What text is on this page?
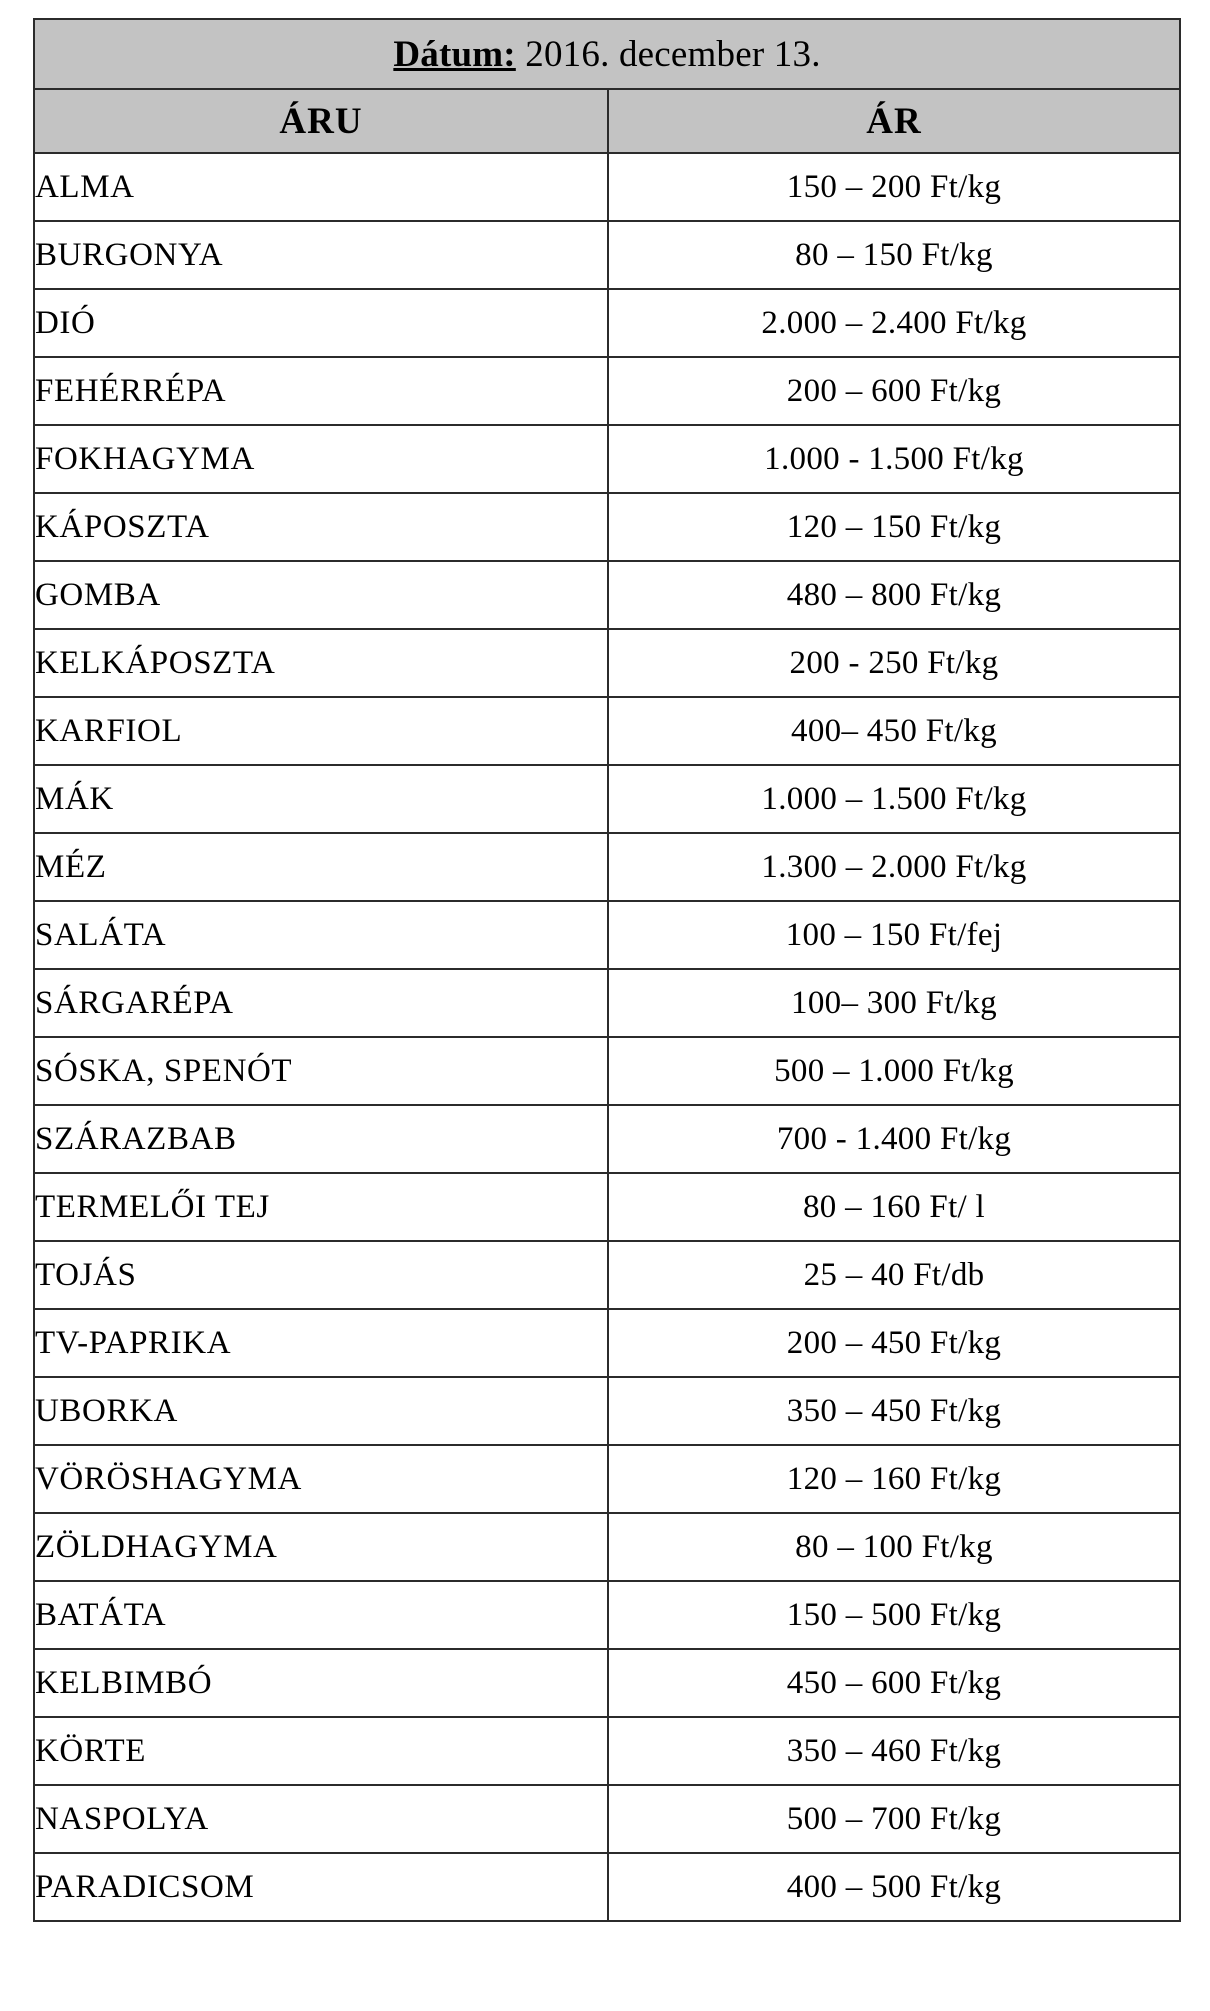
Dátum: 2016. december 13.	
ÁRU	ÁR
ALMA	150 – 200 Ft/kg
BURGONYA	80 – 150 Ft/kg
DIÓ	2.000 – 2.400 Ft/kg
FEHÉRRÉPA	200 – 600 Ft/kg
FOKHAGYMA	1.000 - 1.500 Ft/kg
KÁPOSZTA	120 – 150 Ft/kg
GOMBA	480 – 800 Ft/kg
KELKÁPOSZTA	200 - 250 Ft/kg
KARFIOL	400– 450 Ft/kg
MÁK	1.000 – 1.500 Ft/kg
MÉZ	1.300 – 2.000 Ft/kg
SALÁTA	100 – 150 Ft/fej
SÁRGARÉPA	100– 300 Ft/kg
SÓSKA, SPENÓT	500 – 1.000 Ft/kg
SZÁRAZBAB	700 - 1.400 Ft/kg
TERMELŐI TEJ	80 – 160 Ft/ l
TOJÁS	25 – 40 Ft/db
TV-PAPRIKA	200 – 450 Ft/kg
UBORKA	350 – 450 Ft/kg
VÖRÖSHAGYMA	120 – 160 Ft/kg
ZÖLDHAGYMA	80 – 100 Ft/kg
BATÁTA	150 – 500 Ft/kg
KELBIMBÓ	450 – 600 Ft/kg
KÖRTE	350 – 460 Ft/kg
NASPOLYA	500 – 700 Ft/kg
PARADICSOM	400 – 500 Ft/kg
